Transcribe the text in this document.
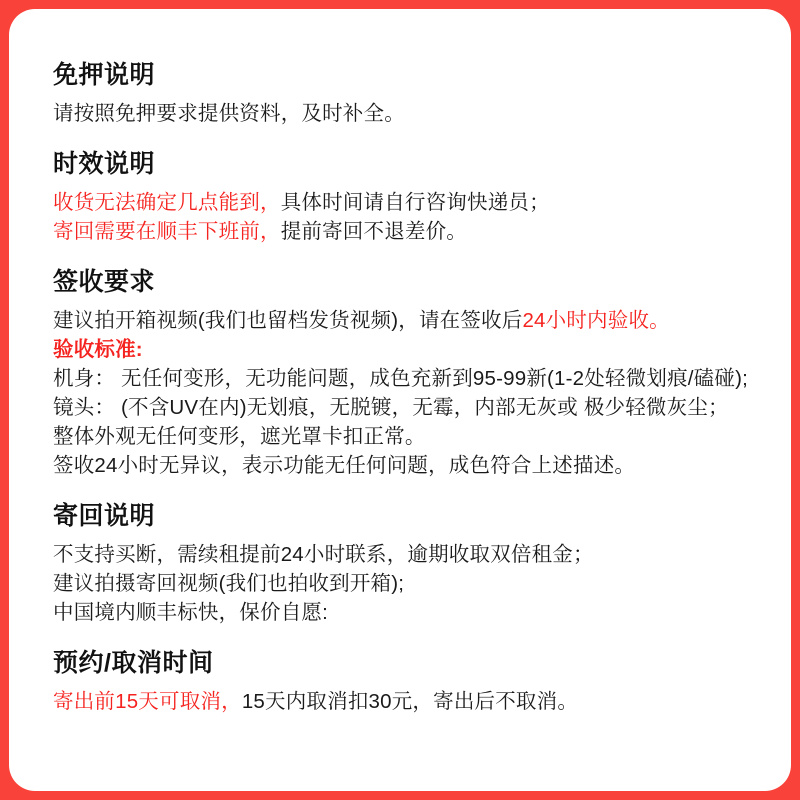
免押说明
请按照免押要求提供资料，及时补全。
时效说明
收货无法确定几点能到，具体时间请自行咨询快递员；
寄回需要在顺丰下班前，提前寄回不退差价。
签收要求
建议拍开箱视频(我们也留档发货视频)，请在签收后24小时内验收。
验收标准:
机身： 无任何变形，无功能问题，成色充新到95-99新(1-2处轻微划痕/磕碰);
镜头： (不含UV在内)无划痕，无脱镀，无霉，内部无灰或 极少轻微灰尘；
整体外观无任何变形，遮光罩卡扣正常。
签收24小时无异议，表示功能无任何问题，成色符合上述描述。
寄回说明
不支持买断，需续租提前24小时联系，逾期收取双倍租金；
建议拍摄寄回视频(我们也拍收到开箱);
中国境内顺丰标快，保价自愿:
预约/取消时间
寄出前15天可取消，15天内取消扣30元，寄出后不取消。
